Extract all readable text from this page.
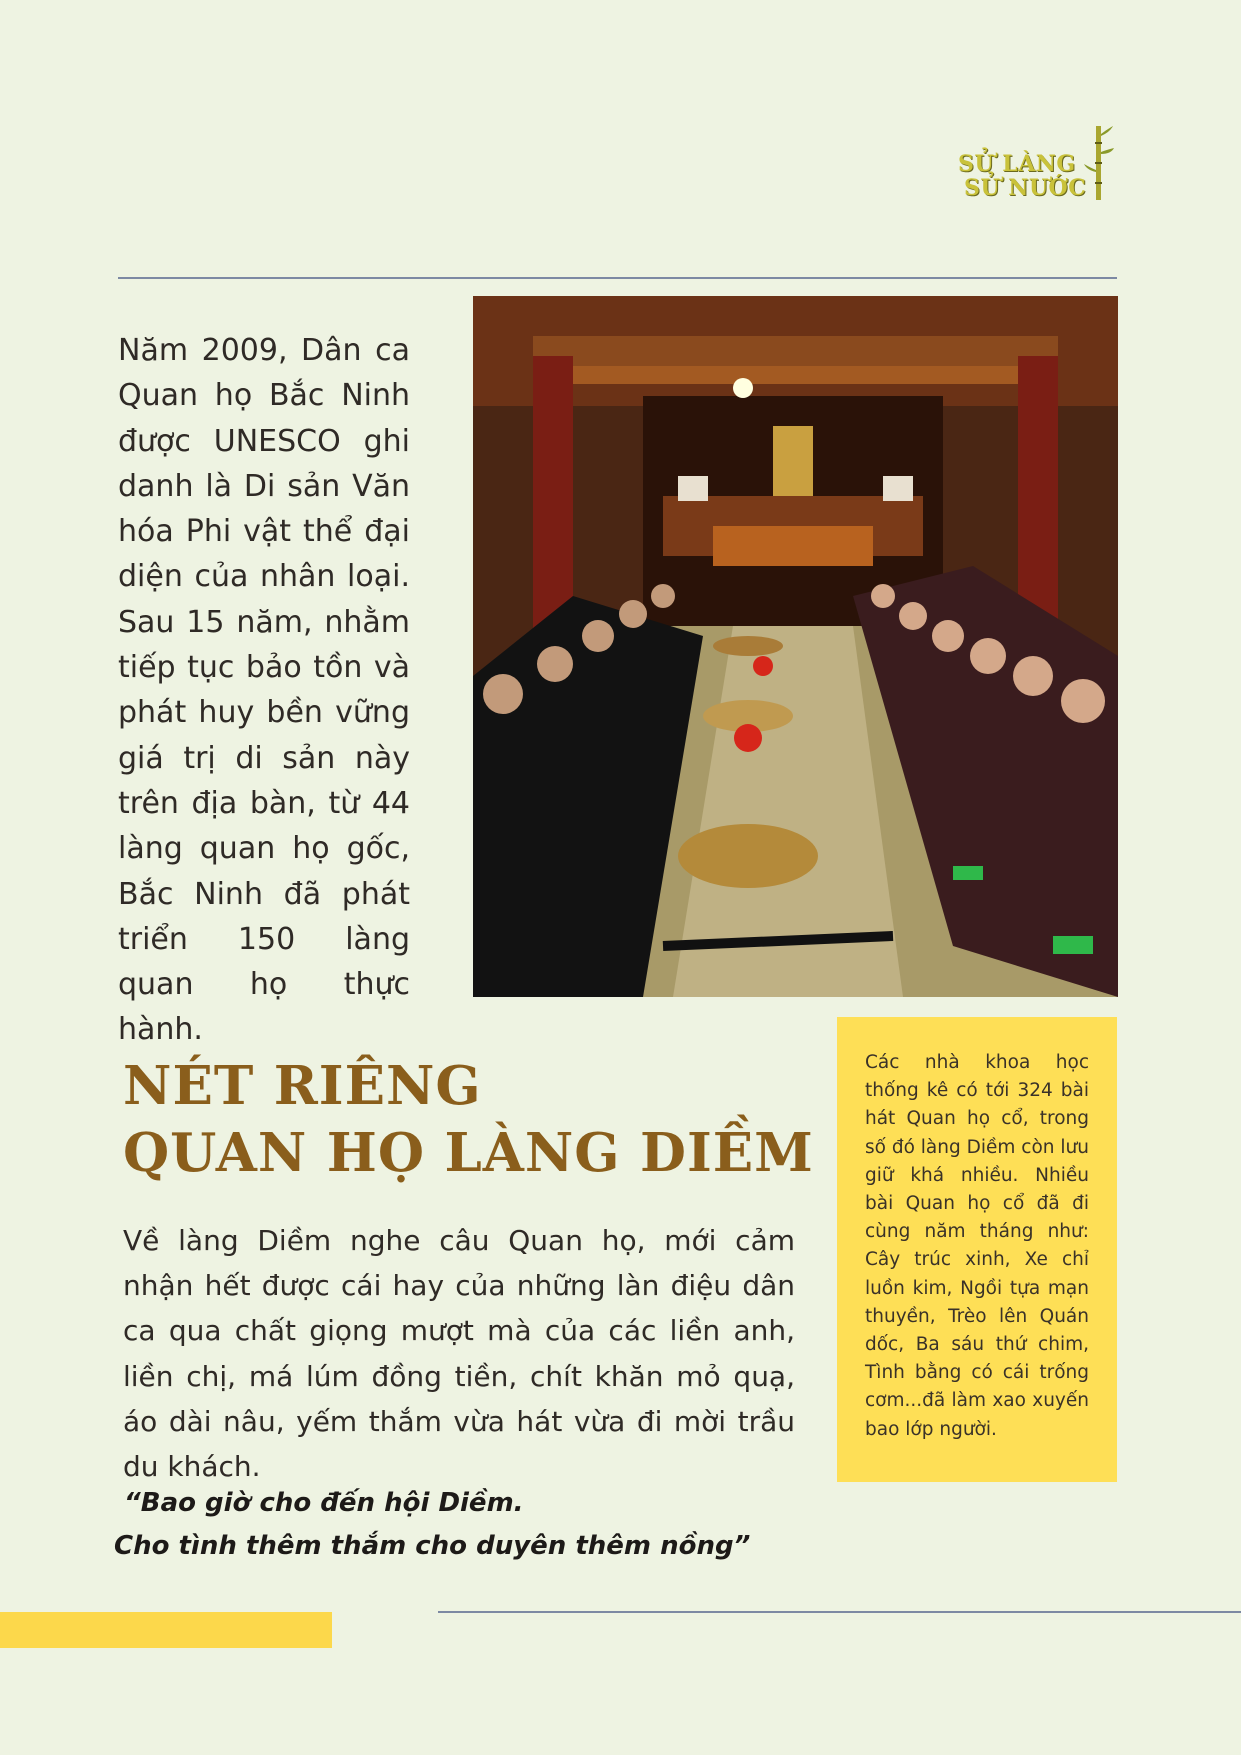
SỬ LÀNG
SỬ NƯỚC

Năm 2009, Dân ca Quan họ Bắc Ninh được UNESCO ghi danh là Di sản Văn hóa Phi vật thể đại diện của nhân loại.

Sau 15 năm, nhằm tiếp tục bảo tồn và phát huy bền vững giá trị di sản này trên địa bàn, từ 44 làng quan họ gốc, Bắc Ninh đã phát triển 150 làng quan họ thực hành.

NÉT RIÊNG
QUAN HỌ LÀNG DIỀM

Về làng Diềm nghe câu Quan họ, mới cảm nhận hết được cái hay của những làn điệu dân ca qua chất giọng mượt mà của các liền anh, liền chị, má lúm đồng tiền, chít khăn mỏ quạ, áo dài nâu, yếm thắm vừa hát vừa đi mời trầu du khách.

Các nhà khoa học thống kê có tới 324 bài hát Quan họ cổ, trong số đó làng Diềm còn lưu giữ khá nhiều. Nhiều bài Quan họ cổ đã đi cùng năm tháng như: Cây trúc xinh, Xe chỉ luồn kim, Ngồi tựa mạn thuyền, Trèo lên Quán dốc, Ba sáu thứ chim, Tình bằng có cái trống cơm...đã làm xao xuyến bao lớp người.

“Bao giờ cho đến hội Diềm.
Cho tình thêm thắm cho duyên thêm nồng”
